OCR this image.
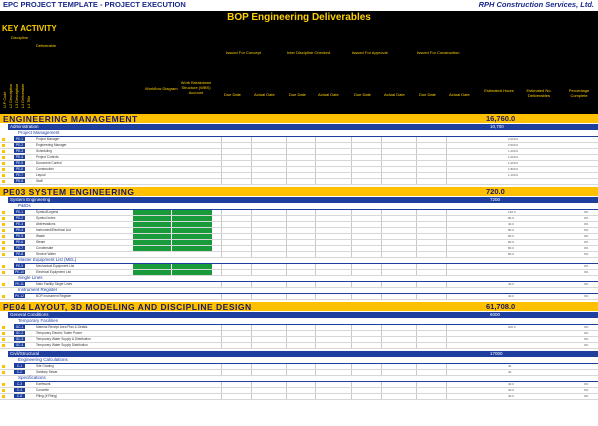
EPC PROJECT TEMPLATE - PROJECT EXECUTION	RPH Construction Services, Ltd.
BOP Engineering Deliverables
KEY ACTIVITY
Discipline
Deliverable
U.P Code L2 Description L3 Description L4 Deliverable L4 Title
Workflow Diagram
Work Breakdown Structure (WBS) Account
Issued For Concept	Inter Discipline Checked	Issued For Approval	Issued For Construction
Due Date	Actual Date	Due Date	Actual Date	Due Date	Actual Date	Due Date	Actual Date
Estimated Hours	Estimated No. Deliverables
Percentage Complete
ENGINEERING MANAGEMENT	16,760.0
Administration	10,700
Project Management
PE-1	Project Manager	2,000.0
PE-2	Engineering Manager	2,500.0
PE-3	Scheduling	1,200.0
PE-4	Project Controls	1,000.0
PE-5	Document Control	1,000.0
PE-6	Construction	1,800.0
PE-7	Layout	1,100.0
PE-8	Staff
PE03 SYSTEM ENGINEERING	720.0
System Engineering	7200
P&IDs
PE-1	Symbol/Legend	120.0	0%
PE-2	Symbol Index	80.0	0%
PE-3	Abbreviations	40.0	0%
PE-4	Instrument/Electrical List	80.0	0%
PE-5	Waste	80.0	0%
PE-6	Steam	80.0	0%
PE-7	Condensate	80.0	0%
PE-8	Service Water	80.0	0%
Master Equipment List (MEL)
PE-9	Mechanical Equipment List	0%
PE-10	Electrical Equipment List	0%
Single Lines
PE-11	Main Facility Single Lines	40.0	0%
Instrument Register
PE-12	BOP Instrument Register	40.0	0%
PE04 LAYOUT, 3D MODELING AND DISCIPLINE DESIGN	61,708.0
General Conditions	6000
Temporary Facilities
GC-1	Material Receipt Area Plan & Details	200.0	0%
GC-2	Temporary Electric Trailer Power	0%
GC-3	Temporary Water Supply & Distribution	0%
GC-4	Temporary Water Supply Distribution	0%
Civil/Structural	17000
Engineering Calculations
C-1	Site Grading	40
C-2	Sanitary Sewer	40
Specifications
C-3	Earthwork	40.0	0%
C-4	Concrete	40.0	0%
C-5	Piling (if Piling)	40.0	0%
